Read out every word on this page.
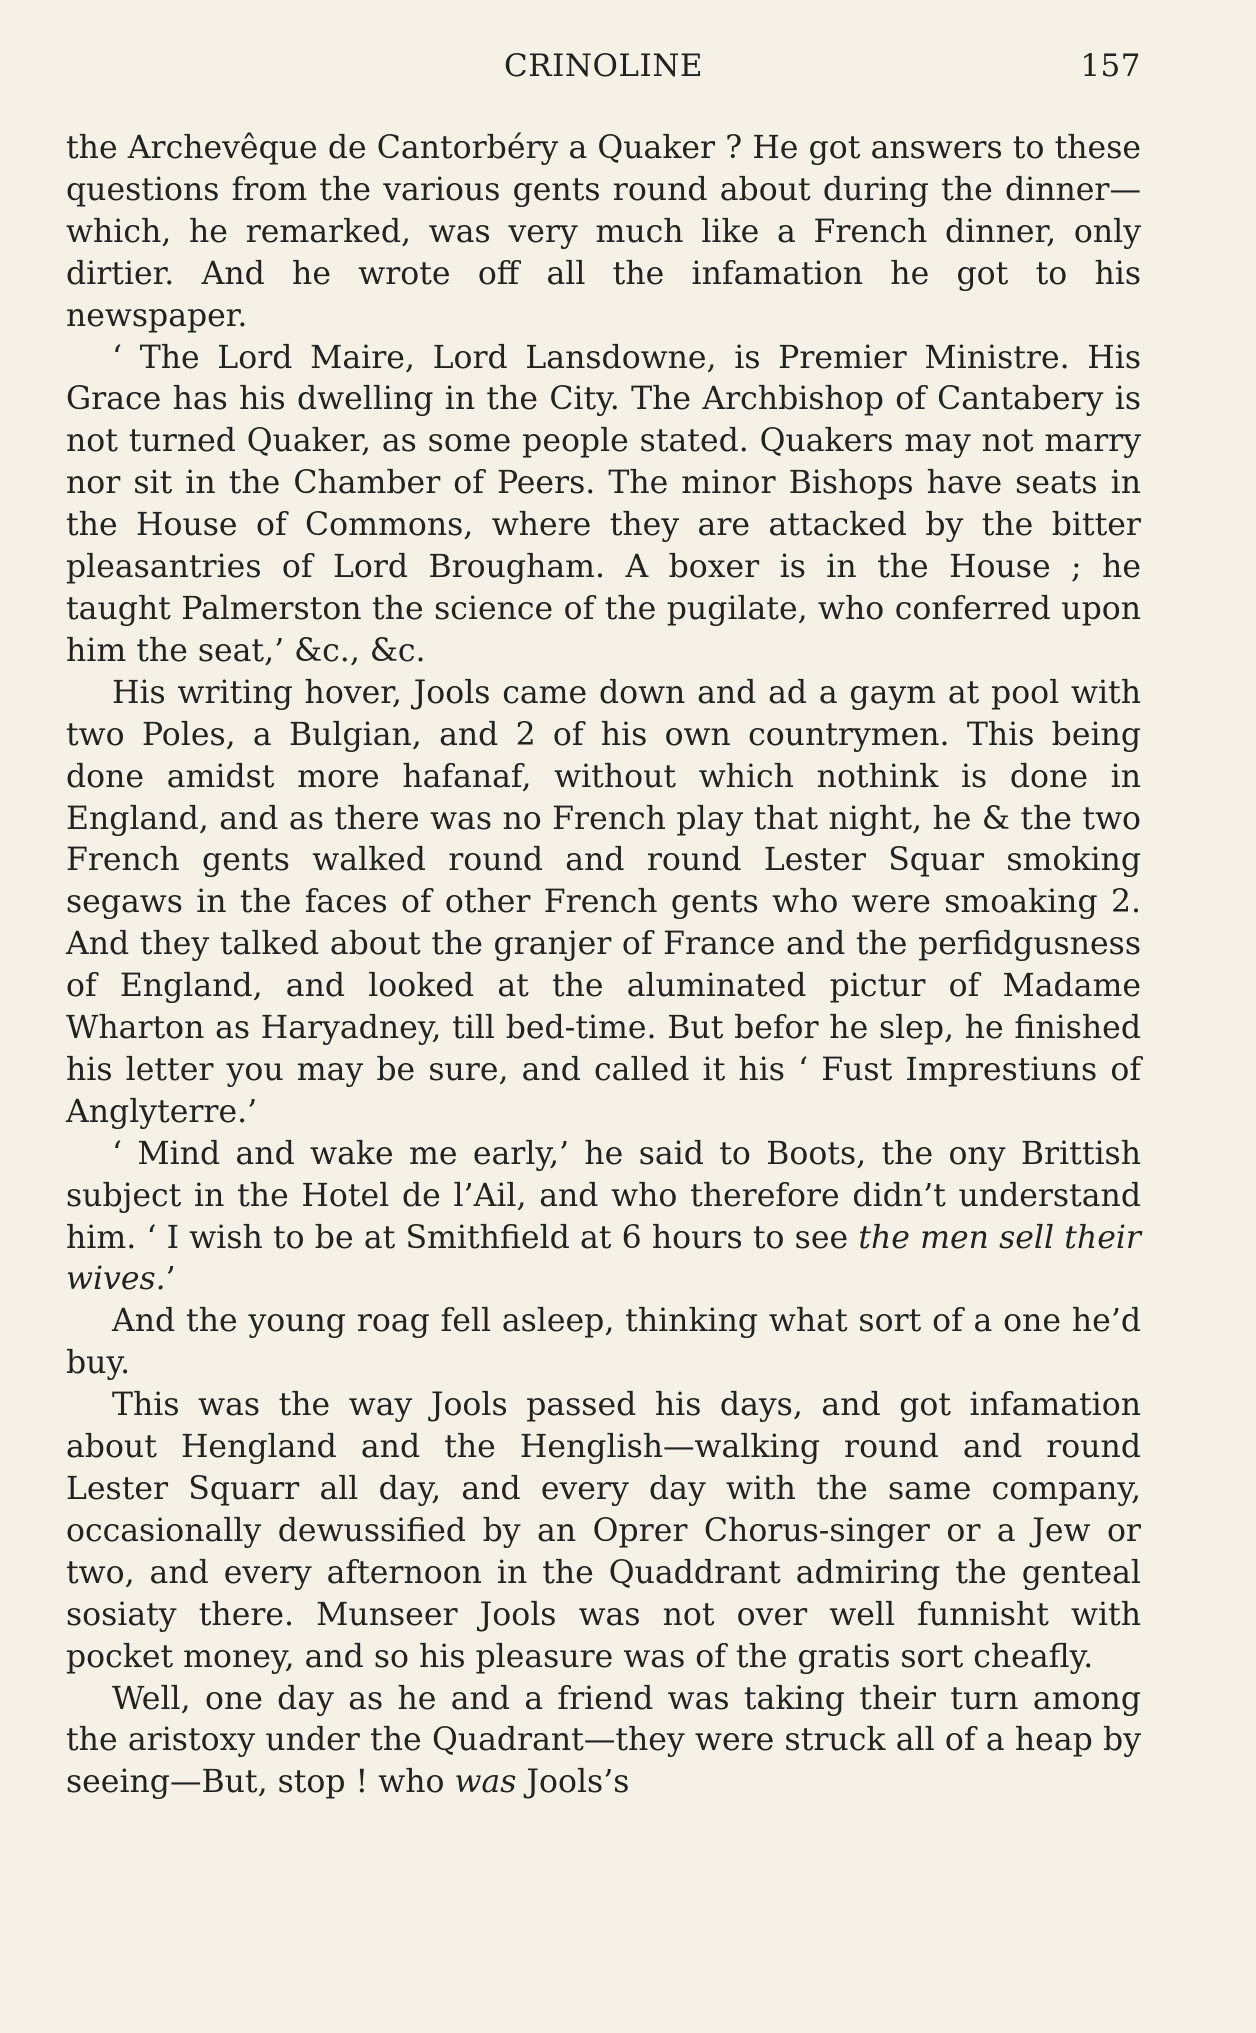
CRINOLINE	157

the Archevêque de Cantorbéry a Quaker ? He got answers to these questions from the various gents round about during the dinner—which, he remarked, was very much like a French dinner, only dirtier. And he wrote off all the infamation he got to his newspaper.

‘ The Lord Maire, Lord Lansdowne, is Premier Ministre. His Grace has his dwelling in the City. The Archbishop of Cantabery is not turned Quaker, as some people stated. Quakers may not marry nor sit in the Chamber of Peers. The minor Bishops have seats in the House of Commons, where they are attacked by the bitter pleasantries of Lord Brougham. A boxer is in the House ; he taught Palmerston the science of the pugilate, who conferred upon him the seat,’ &c., &c.

His writing hover, Jools came down and ad a gaym at pool with two Poles, a Bulgian, and 2 of his own countrymen. This being done amidst more hafanaf, without which nothink is done in England, and as there was no French play that night, he & the two French gents walked round and round Lester Squar smoking segaws in the faces of other French gents who were smoaking 2. And they talked about the granjer of France and the perfidgusness of England, and looked at the aluminated pictur of Madame Wharton as Haryadney, till bed-time. But befor he slep, he finished his letter you may be sure, and called it his ‘ Fust Imprestiuns of Anglyterre.’

‘ Mind and wake me early,’ he said to Boots, the ony Brittish subject in the Hotel de l’Ail, and who therefore didn’t understand him. ‘ I wish to be at Smithfield at 6 hours to see the men sell their wives.’

And the young roag fell asleep, thinking what sort of a one he’d buy.

This was the way Jools passed his days, and got infamation about Hengland and the Henglish—walking round and round Lester Squarr all day, and every day with the same company, occasionally dewussified by an Oprer Chorus-singer or a Jew or two, and every afternoon in the Quaddrant admiring the genteal sosiaty there. Munseer Jools was not over well funnisht with pocket money, and so his pleasure was of the gratis sort cheafly.

Well, one day as he and a friend was taking their turn among the aristoxy under the Quadrant—they were struck all of a heap by seeing—But, stop ! who was Jools’s
